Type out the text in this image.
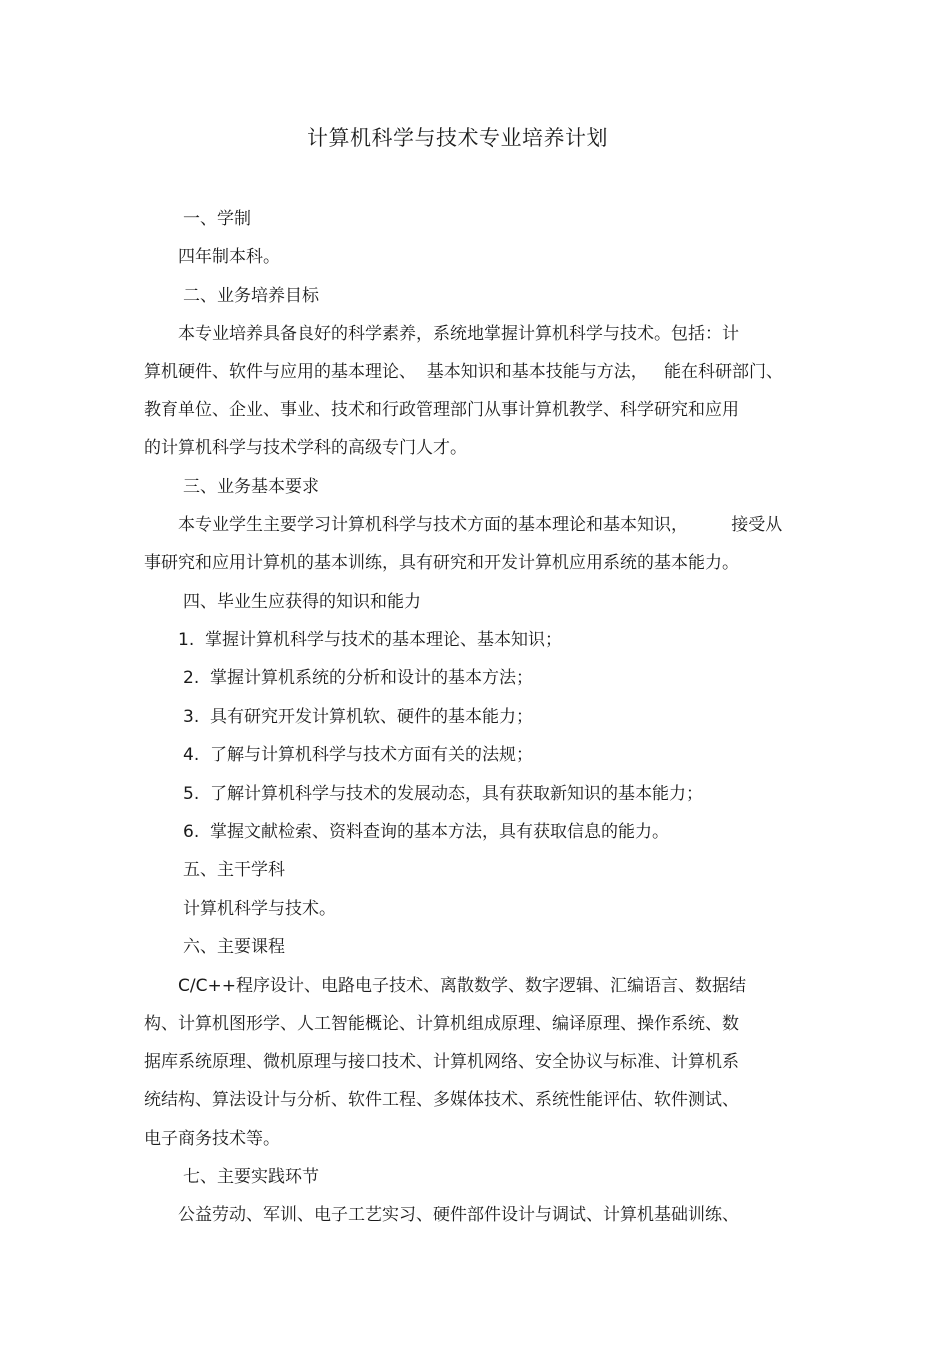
计算机科学与技术专业培养计划
一、学制
四年制本科。
二、业务培养目标
本专业培养具备良好的科学素养，系统地掌握计算机科学与技术。包括：计
算机硬件、软件与应用的基本理论、  基本知识和基本技能与方法，   能在科研部门、
教育单位、企业、事业、技术和行政管理部门从事计算机教学、科学研究和应用
的计算机科学与技术学科的高级专门人才。
三、业务基本要求
本专业学生主要学习计算机科学与技术方面的基本理论和基本知识，        接受从
事研究和应用计算机的基本训练，具有研究和开发计算机应用系统的基本能力。
四、毕业生应获得的知识和能力
1.  掌握计算机科学与技术的基本理论、基本知识；
2.  掌握计算机系统的分析和设计的基本方法；
3.  具有研究开发计算机软、硬件的基本能力；
4.  了解与计算机科学与技术方面有关的法规；
5.  了解计算机科学与技术的发展动态，具有获取新知识的基本能力；
6.  掌握文献检索、资料查询的基本方法，具有获取信息的能力。
五、主干学科
计算机科学与技术。
六、主要课程
C/C++程序设计、电路电子技术、离散数学、数字逻辑、汇编语言、数据结
构、计算机图形学、人工智能概论、计算机组成原理、编译原理、操作系统、数
据库系统原理、微机原理与接口技术、计算机网络、安全协议与标准、计算机系
统结构、算法设计与分析、软件工程、多媒体技术、系统性能评估、软件测试、
电子商务技术等。
七、主要实践环节
公益劳动、军训、电子工艺实习、硬件部件设计与调试、计算机基础训练、
